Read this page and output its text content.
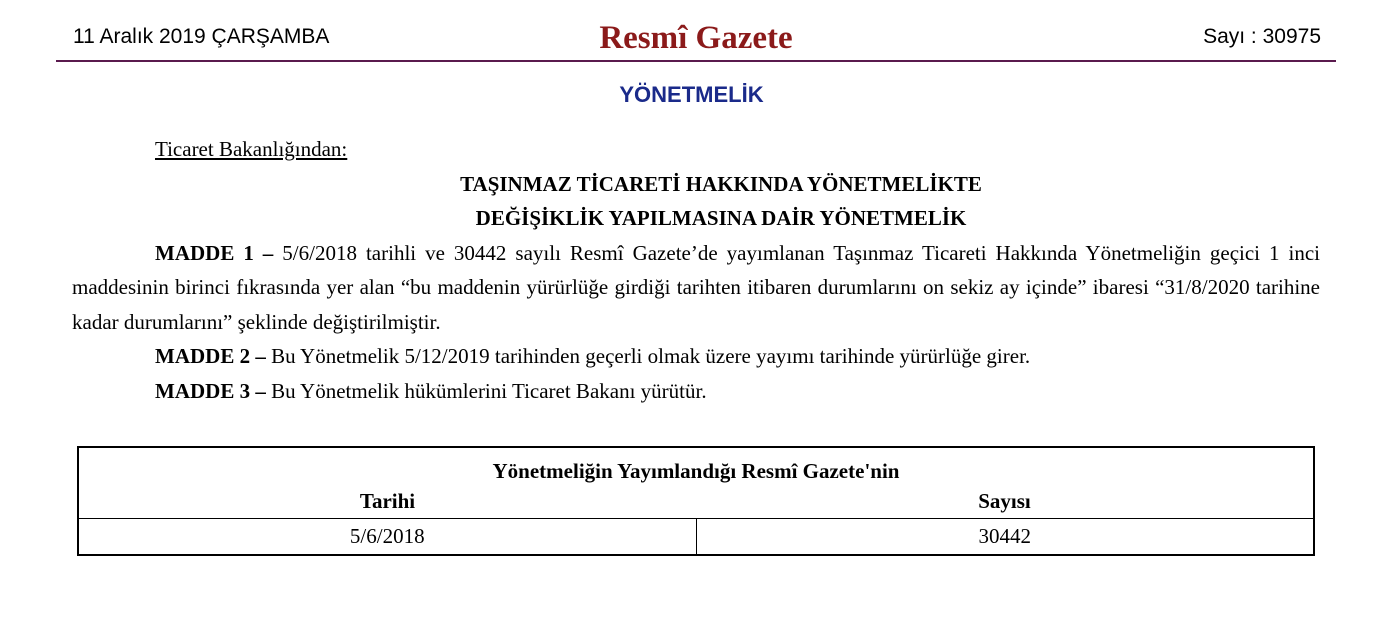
11 Aralık 2019 ÇARŞAMBA	Resmî Gazete	Sayı : 30975
YÖNETMELİK
Ticaret Bakanlığından:
TAŞINMAZ TİCARETİ HAKKINDA YÖNETMELİKTE
DEĞİŞİKLİK YAPILMASINA DAİR YÖNETMELİK
MADDE 1 – 5/6/2018 tarihli ve 30442 sayılı Resmî Gazete’de yayımlanan Taşınmaz Ticareti Hakkında Yönetmeliğin geçici 1 inci maddesinin birinci fıkrasında yer alan “bu maddenin yürürlüğe girdiği tarihten itibaren durumlarını on sekiz ay içinde” ibaresi “31/8/2020 tarihine kadar durumlarını” şeklinde değiştirilmiştir.
MADDE 2 – Bu Yönetmelik 5/12/2019 tarihinden geçerli olmak üzere yayımı tarihinde yürürlüğe girer.
MADDE 3 – Bu Yönetmelik hükümlerini Ticaret Bakanı yürütür.
Yönetmeliğin Yayımlandığı Resmî Gazete'nin	
Tarihi	Sayısı
5/6/2018	30442
